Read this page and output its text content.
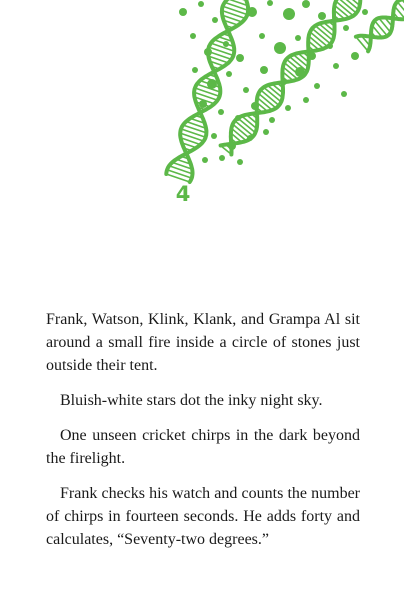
4

Frank, Watson, Klink, Klank, and Grampa Al sit around a small fire inside a circle of stones just outside their tent.

Bluish-white stars dot the inky night sky.

One unseen cricket chirps in the dark beyond the firelight.

Frank checks his watch and counts the number of chirps in fourteen seconds. He adds forty and calculates, “Seventy-two degrees.”
